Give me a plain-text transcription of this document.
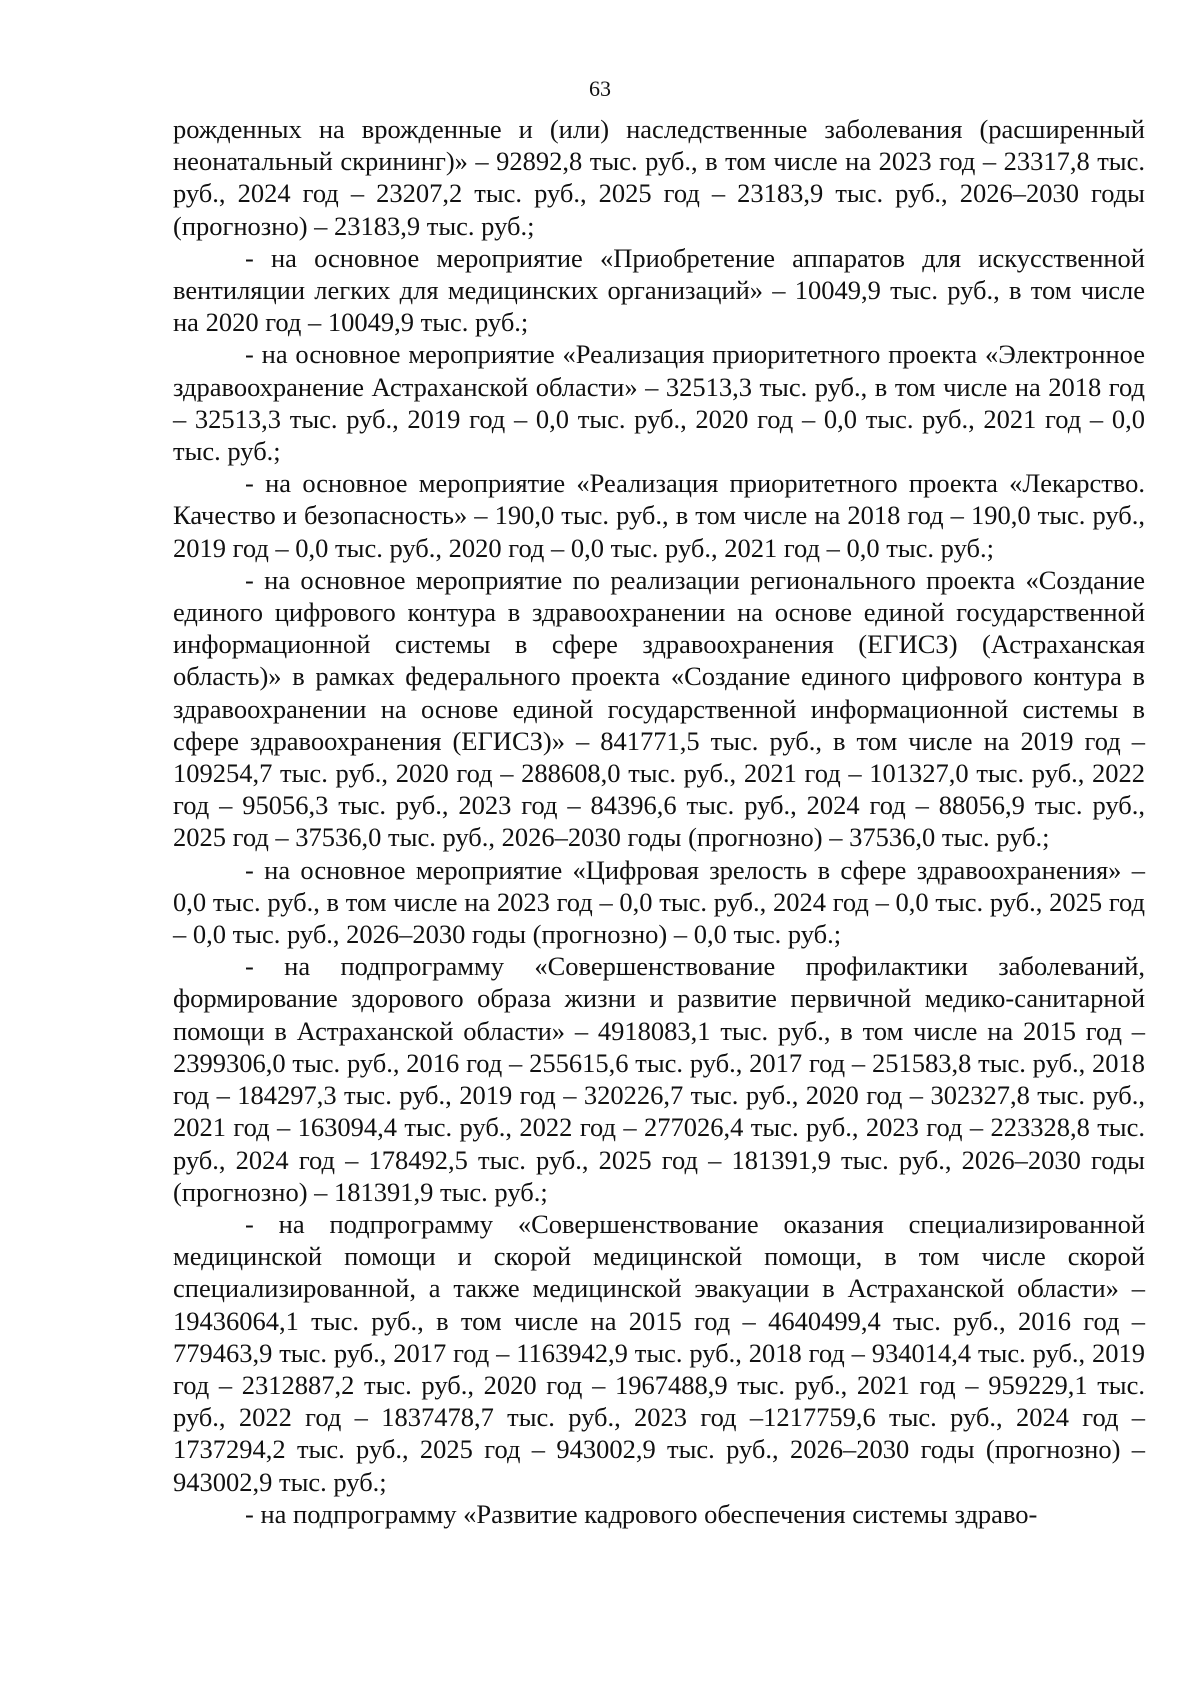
63

рожденных на врожденные и (или) наследственные заболевания (расширенный неонатальный скрининг)» – 92892,8 тыс. руб., в том числе на 2023 год – 23317,8 тыс. руб., 2024 год – 23207,2 тыс. руб., 2025 год – 23183,9 тыс. руб., 2026–2030 годы (прогнозно) – 23183,9 тыс. руб.;

- на основное мероприятие «Приобретение аппаратов для искусственной вентиляции легких для медицинских организаций» – 10049,9 тыс. руб., в том числе на 2020 год – 10049,9 тыс. руб.;

- на основное мероприятие «Реализация приоритетного проекта «Электронное здравоохранение Астраханской области» – 32513,3 тыс. руб., в том числе на 2018 год – 32513,3 тыс. руб., 2019 год – 0,0 тыс. руб., 2020 год – 0,0 тыс. руб., 2021 год – 0,0 тыс. руб.;

- на основное мероприятие «Реализация приоритетного проекта «Лекарство. Качество и безопасность» – 190,0 тыс. руб., в том числе на 2018 год – 190,0 тыс. руб., 2019 год – 0,0 тыс. руб., 2020 год – 0,0 тыс. руб., 2021 год – 0,0 тыс. руб.;

- на основное мероприятие по реализации регионального проекта «Создание единого цифрового контура в здравоохранении на основе единой государственной информационной системы в сфере здравоохранения (ЕГИСЗ) (Астраханская область)» в рамках федерального проекта «Создание единого цифрового контура в здравоохранении на основе единой государственной информационной системы в сфере здравоохранения (ЕГИСЗ)» – 841771,5 тыс. руб., в том числе на 2019 год – 109254,7 тыс. руб., 2020 год – 288608,0 тыс. руб., 2021 год – 101327,0 тыс. руб., 2022 год – 95056,3 тыс. руб., 2023 год – 84396,6 тыс. руб., 2024 год – 88056,9 тыс. руб., 2025 год – 37536,0 тыс. руб., 2026–2030 годы (прогнозно) – 37536,0 тыс. руб.;

- на основное мероприятие «Цифровая зрелость в сфере здравоохранения» – 0,0 тыс. руб., в том числе на 2023 год – 0,0 тыс. руб., 2024 год – 0,0 тыс. руб., 2025 год – 0,0 тыс. руб., 2026–2030 годы (прогнозно) – 0,0 тыс. руб.;

- на подпрограмму «Совершенствование профилактики заболеваний, формирование здорового образа жизни и развитие первичной медико-санитарной помощи в Астраханской области» – 4918083,1 тыс. руб., в том числе на 2015 год – 2399306,0 тыс. руб., 2016 год – 255615,6 тыс. руб., 2017 год – 251583,8 тыс. руб., 2018 год – 184297,3 тыс. руб., 2019 год – 320226,7 тыс. руб., 2020 год – 302327,8 тыс. руб., 2021 год – 163094,4 тыс. руб., 2022 год – 277026,4 тыс. руб., 2023 год – 223328,8 тыс. руб., 2024 год – 178492,5 тыс. руб., 2025 год – 181391,9 тыс. руб., 2026–2030 годы (прогнозно) – 181391,9 тыс. руб.;

- на подпрограмму «Совершенствование оказания специализированной медицинской помощи и скорой медицинской помощи, в том числе скорой специализированной, а также медицинской эвакуации в Астраханской области» – 19436064,1 тыс. руб., в том числе на 2015 год – 4640499,4 тыс. руб., 2016 год – 779463,9 тыс. руб., 2017 год – 1163942,9 тыс. руб., 2018 год – 934014,4 тыс. руб., 2019 год – 2312887,2 тыс. руб., 2020 год – 1967488,9 тыс. руб., 2021 год – 959229,1 тыс. руб., 2022 год – 1837478,7 тыс. руб., 2023 год –1217759,6 тыс. руб., 2024 год – 1737294,2 тыс. руб., 2025 год – 943002,9 тыс. руб., 2026–2030 годы (прогнозно) – 943002,9 тыс. руб.;

- на подпрограмму «Развитие кадрового обеспечения системы здраво-
